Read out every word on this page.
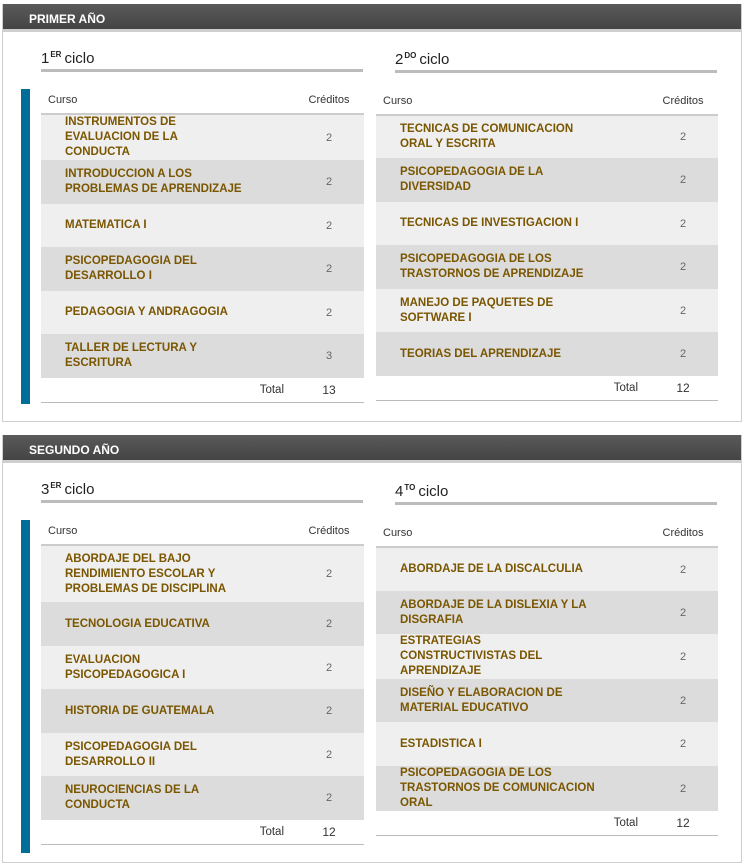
PRIMER AÑO
1ER ciclo
Curso	Créditos
INSTRUMENTOS DE EVALUACION DE LA CONDUCTA	2
INTRODUCCION A LOS PROBLEMAS DE APRENDIZAJE	2
MATEMATICA I	2
PSICOPEDAGOGIA DEL DESARROLLO I	2
PEDAGOGIA Y ANDRAGOGIA	2
TALLER DE LECTURA Y ESCRITURA	3
Total	13
$2^{DO}$ ciclo
Curso	Créditos
TECNICAS DE COMUNICACION ORAL Y ESCRITA	2
PSICOPEDAGOGIA DE LA DIVERSIDAD	2
TECNICAS DE INVESTIGACION I	2
PSICOPEDAGOGIA DE LOS TRASTORNOS DE APRENDIZAJE	2
MANEJO DE PAQUETES DE SOFTWARE I	2
TEORIAS DEL APRENDIZAJE	2
Total	12
SEGUNDO AÑO
3ER ciclo
Curso	Créditos
ABORDAJE DEL BAJO RENDIMIENTO ESCOLAR Y PROBLEMAS DE DISCIPLINA	2
TECNOLOGIA EDUCATIVA	2
EVALUACION PSICOPEDAGOGICA I	2
HISTORIA DE GUATEMALA	2
PSICOPEDAGOGIA DEL DESARROLLO II	2
NEUROCIENCIAS DE LA CONDUCTA	2
Total	12
$4^{TO}$ ciclo
Curso	Créditos
ABORDAJE DE LA DISCALCULIA	2
ABORDAJE DE LA DISLEXIA Y LA DISGRAFIA	2
ESTRATEGIAS CONSTRUCTIVISTAS DEL APRENDIZAJE	2
DISEÑO Y ELABORACION DE MATERIAL EDUCATIVO	2
ESTADISTICA I	2
PSICOPEDAGOGIA DE LOS TRASTORNOS DE COMUNICACION ORAL	2
Total	12
